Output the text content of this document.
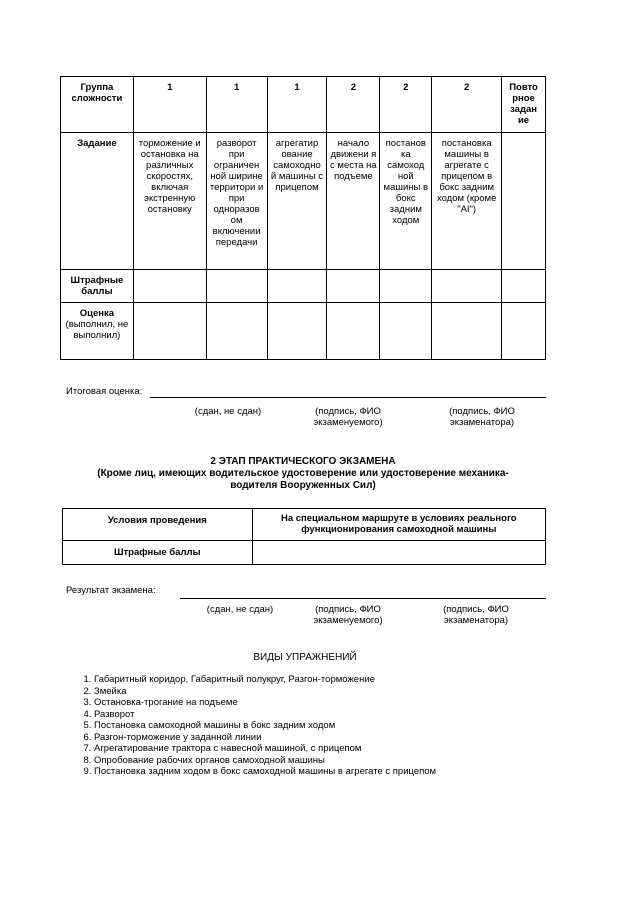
Группа сложности	1	1	1	2	2	2	Повто рное задан ие
Задание	торможение и остановка на различных скоростях, включая экстренную остановку	разворот при ограничен ной ширине территори и при одноразов ом включении передачи	агрегатир ование самоходно й машины с прицепом	начало движени я с места на подъеме	постанов ка самоход ной машины в бокс задним ходом	постановка машины в агрегате с прицепом в бокс задним ходом (кроме "AI")	
Штрафные баллы							

Оценка
(выполнил, не выполнил)							

Итоговая оценка:
(сдан, не сдан)	(подпись, ФИО экзаменуемого)
(подпись, ФИО экзаменатора)
2 ЭТАП ПРАКТИЧЕСКОГО ЭКЗАМЕНА
(Кроме лиц, имеющих водительское удостоверение или удостоверение механика-водителя Вооруженных Сил)
Условия проведения	На специальном маршруте в условиях реального функционирования самоходной машины
Штрафные баллы	
Результат экзамена:
(сдан, не сдан)	(подпись, ФИО экзаменуемого)
(подпись, ФИО экзаменатора)
ВИДЫ УПРАЖНЕНИЙ
1. Габаритный коридор, Габаритный полукруг, Разгон-торможение
2. Змейка
3. Остановка-трогание на подъеме
4. Разворот
5. Постановка самоходной машины в бокс задним ходом
6. Разгон-торможение у заданной линии
7. Агрегатирование трактора с навесной машиной, с прицепом
8. Опробование рабочих органов самоходной машины
9. Постановка задним ходом в бокс самоходной машины в агрегате с прицепом
